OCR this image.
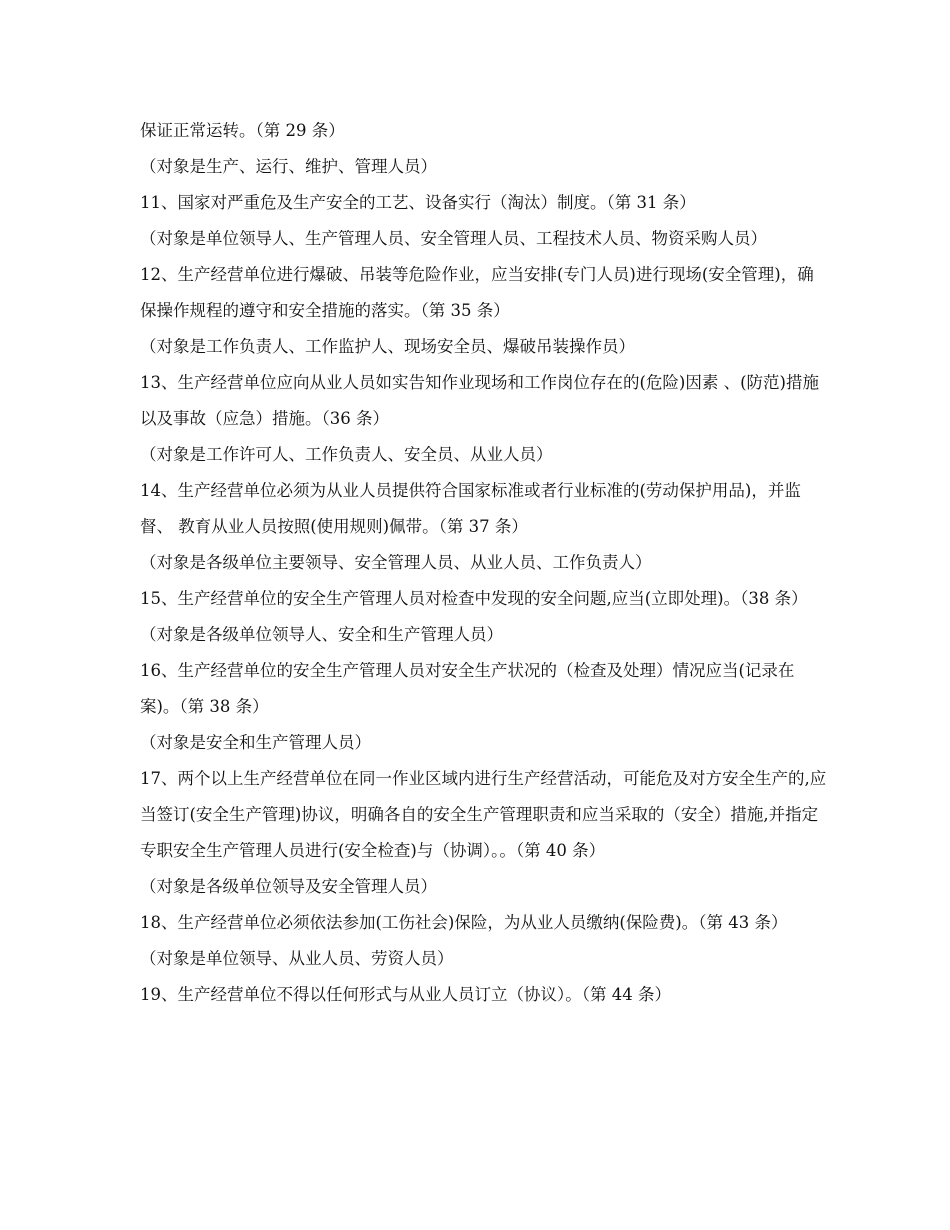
保证正常运转。（第 29 条）

（对象是生产、运行、维护、管理人员）

11、国家对严重危及生产安全的工艺、设备实行（淘汰）制度。（第 31 条）

（对象是单位领导人、生产管理人员、安全管理人员、工程技术人员、物资采购人员）

12、生产经营单位进行爆破、吊装等危险作业，应当安排(专门人员)进行现场(安全管理)，确保操作规程的遵守和安全措施的落实。（第 35 条）

（对象是工作负责人、工作监护人、现场安全员、爆破吊装操作员）

13、生产经营单位应向从业人员如实告知作业现场和工作岗位存在的(危险)因素 、(防范)措施以及事故（应急）措施。（36 条）

（对象是工作许可人、工作负责人、安全员、从业人员）

14、生产经营单位必须为从业人员提供符合国家标准或者行业标准的(劳动保护用品)，并监督、 教育从业人员按照(使用规则)佩带。（第 37 条）

（对象是各级单位主要领导、安全管理人员、从业人员、工作负责人）

15、生产经营单位的安全生产管理人员对检查中发现的安全问题,应当(立即处理)。（38 条）

（对象是各级单位领导人、安全和生产管理人员）

16、生产经营单位的安全生产管理人员对安全生产状况的（检查及处理）情况应当(记录在案)。（第 38 条）

（对象是安全和生产管理人员）

17、两个以上生产经营单位在同一作业区域内进行生产经营活动，可能危及对方安全生产的,应当签订(安全生产管理)协议，明确各自的安全生产管理职责和应当采取的（安全）措施,并指定专职安全生产管理人员进行(安全检查)与（协调）。。（第 40 条）

（对象是各级单位领导及安全管理人员）

18、生产经营单位必须依法参加(工伤社会)保险，为从业人员缴纳(保险费)。（第 43 条）

（对象是单位领导、从业人员、劳资人员）

19、生产经营单位不得以任何形式与从业人员订立（协议）。（第 44 条）
